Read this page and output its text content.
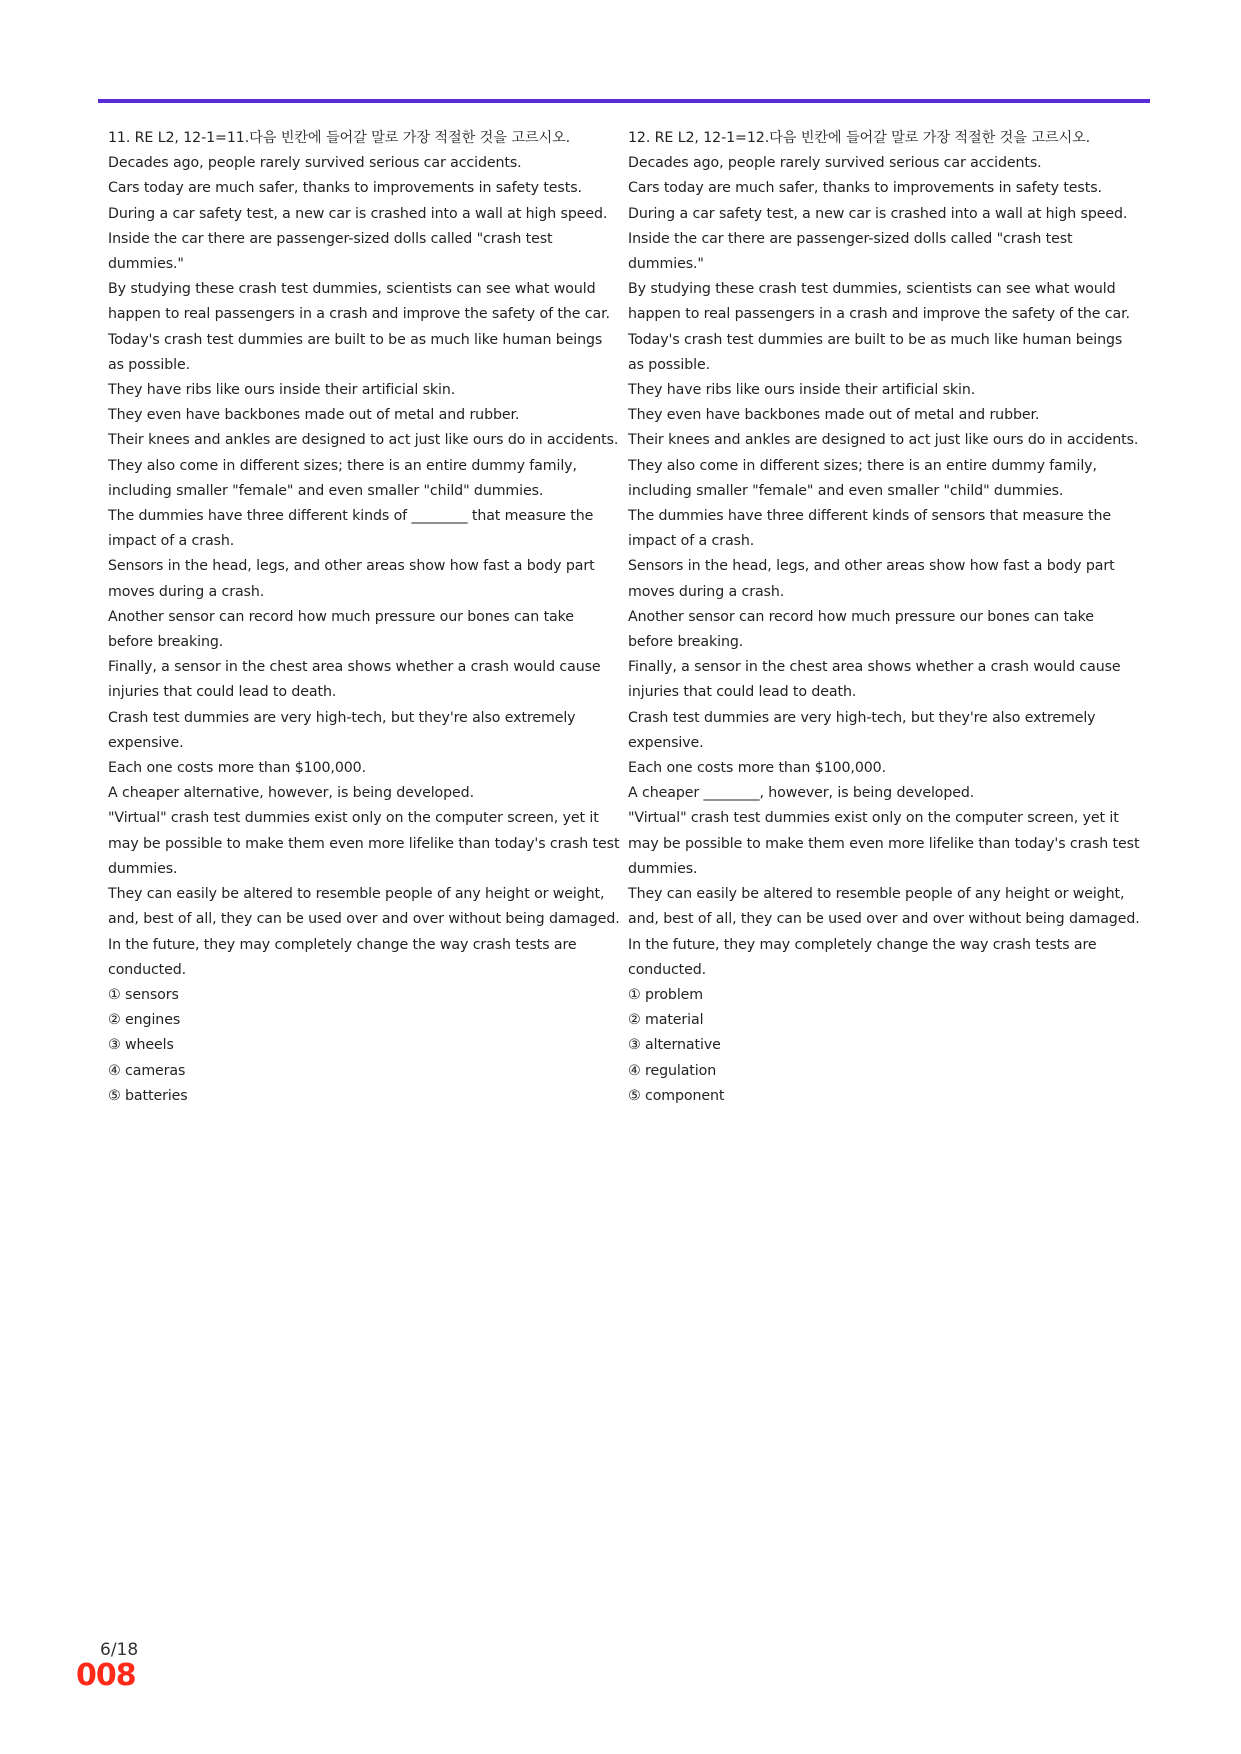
11. RE L2, 12-1=11.다음 빈칸에 들어갈 말로 가장 적절한 것을 고르시오.
Decades ago, people rarely survived serious car accidents.
Cars today are much safer, thanks to improvements in safety tests.
During a car safety test, a new car is crashed into a wall at high speed.
Inside the car there are passenger-sized dolls called "crash test dummies."
By studying these crash test dummies, scientists can see what would happen to real passengers in a crash and improve the safety of the car.
Today's crash test dummies are built to be as much like human beings as possible.
They have ribs like ours inside their artificial skin.
They even have backbones made out of metal and rubber.
Their knees and ankles are designed to act just like ours do in accidents.
They also come in different sizes; there is an entire dummy family, including smaller "female" and even smaller "child" dummies.
The dummies have three different kinds of ________ that measure the impact of a crash.
Sensors in the head, legs, and other areas show how fast a body part moves during a crash.
Another sensor can record how much pressure our bones can take before breaking.
Finally, a sensor in the chest area shows whether a crash would cause injuries that could lead to death.
Crash test dummies are very high-tech, but they're also extremely expensive.
Each one costs more than $100,000.
A cheaper alternative, however, is being developed.
"Virtual" crash test dummies exist only on the computer screen, yet it may be possible to make them even more lifelike than today's crash test dummies.
They can easily be altered to resemble people of any height or weight, and, best of all, they can be used over and over without being damaged.
In the future, they may completely change the way crash tests are conducted.
① sensors
② engines
③ wheels
④ cameras
⑤ batteries
12. RE L2, 12-1=12.다음 빈칸에 들어갈 말로 가장 적절한 것을 고르시오.
Decades ago, people rarely survived serious car accidents.
Cars today are much safer, thanks to improvements in safety tests.
During a car safety test, a new car is crashed into a wall at high speed.
Inside the car there are passenger-sized dolls called "crash test dummies."
By studying these crash test dummies, scientists can see what would happen to real passengers in a crash and improve the safety of the car.
Today's crash test dummies are built to be as much like human beings as possible.
They have ribs like ours inside their artificial skin.
They even have backbones made out of metal and rubber.
Their knees and ankles are designed to act just like ours do in accidents.
They also come in different sizes; there is an entire dummy family, including smaller "female" and even smaller "child" dummies.
The dummies have three different kinds of sensors that measure the impact of a crash.
Sensors in the head, legs, and other areas show how fast a body part moves during a crash.
Another sensor can record how much pressure our bones can take before breaking.
Finally, a sensor in the chest area shows whether a crash would cause injuries that could lead to death.
Crash test dummies are very high-tech, but they're also extremely expensive.
Each one costs more than $100,000.
A cheaper ________, however, is being developed.
"Virtual" crash test dummies exist only on the computer screen, yet it may be possible to make them even more lifelike than today's crash test dummies.
They can easily be altered to resemble people of any height or weight, and, best of all, they can be used over and over without being damaged.
In the future, they may completely change the way crash tests are conducted.
① problem
② material
③ alternative
④ regulation
⑤ component
6/18
008
